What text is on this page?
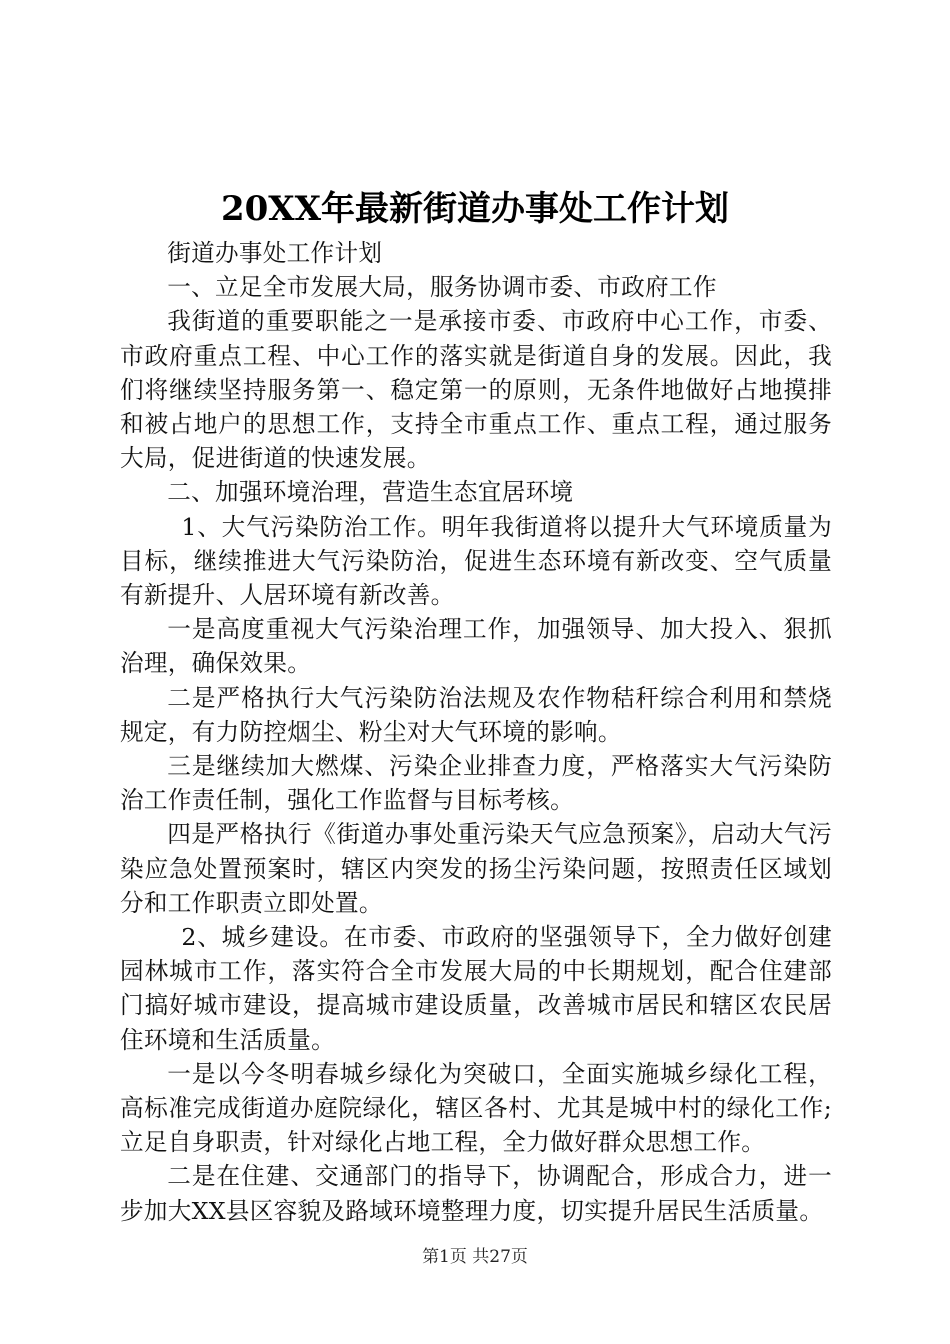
20XX年最新街道办事处工作计划

街道办事处工作计划

一、立足全市发展大局，服务协调市委、市政府工作

我街道的重要职能之一是承接市委、市政府中心工作，市委、市政府重点工程、中心工作的落实就是街道自身的发展。因此，我们将继续坚持服务第一、稳定第一的原则，无条件地做好占地摸排和被占地户的思想工作，支持全市重点工作、重点工程，通过服务大局，促进街道的快速发展。

二、加强环境治理，营造生态宜居环境

1、大气污染防治工作。明年我街道将以提升大气环境质量为目标，继续推进大气污染防治，促进生态环境有新改变、空气质量有新提升、人居环境有新改善。

一是高度重视大气污染治理工作，加强领导、加大投入、狠抓治理，确保效果。

二是严格执行大气污染防治法规及农作物秸秆综合利用和禁烧规定，有力防控烟尘、粉尘对大气环境的影响。

三是继续加大燃煤、污染企业排查力度，严格落实大气污染防治工作责任制，强化工作监督与目标考核。

四是严格执行《街道办事处重污染天气应急预案》，启动大气污染应急处置预案时，辖区内突发的扬尘污染问题，按照责任区域划分和工作职责立即处置。

2、城乡建设。在市委、市政府的坚强领导下，全力做好创建园林城市工作，落实符合全市发展大局的中长期规划，配合住建部门搞好城市建设，提高城市建设质量，改善城市居民和辖区农民居住环境和生活质量。

一是以今冬明春城乡绿化为突破口，全面实施城乡绿化工程，高标准完成街道办庭院绿化，辖区各村、尤其是城中村的绿化工作;立足自身职责，针对绿化占地工程，全力做好群众思想工作。

二是在住建、交通部门的指导下，协调配合，形成合力，进一步加大XX县区容貌及路域环境整理力度，切实提升居民生活质量。

第1页 共27页
